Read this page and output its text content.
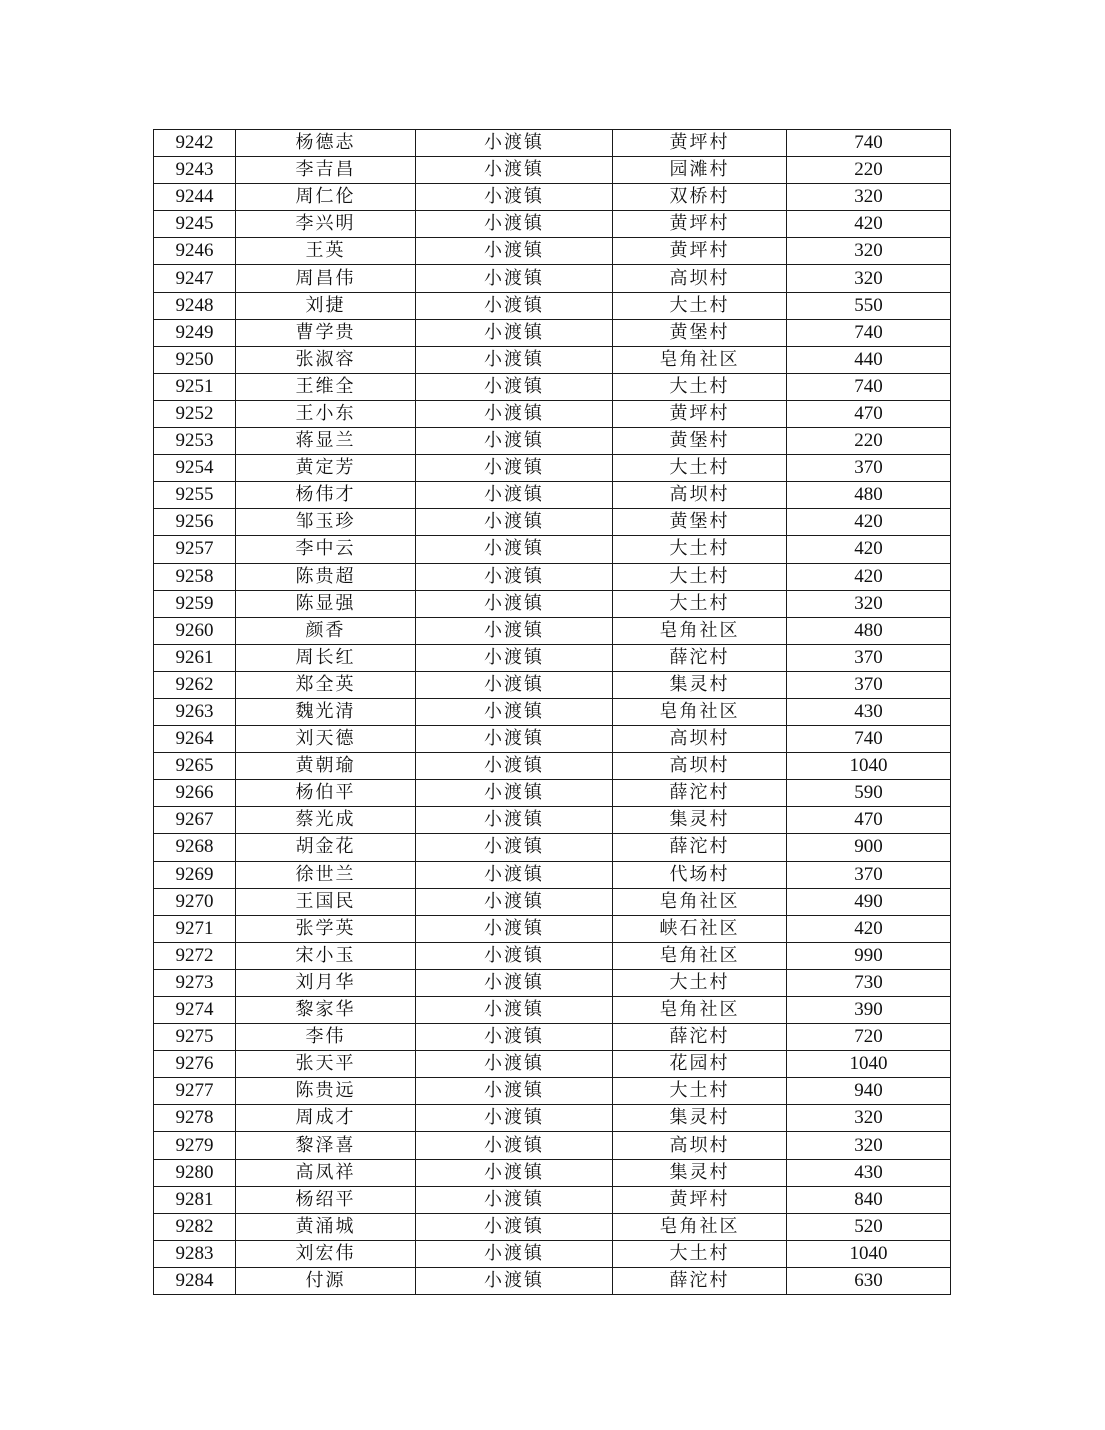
9242	杨德志	小渡镇	黄坪村	740
9243	李吉昌	小渡镇	园滩村	220
9244	周仁伦	小渡镇	双桥村	320
9245	李兴明	小渡镇	黄坪村	420
9246	王英	小渡镇	黄坪村	320
9247	周昌伟	小渡镇	高坝村	320
9248	刘捷	小渡镇	大土村	550
9249	曹学贵	小渡镇	黄堡村	740
9250	张淑容	小渡镇	皂角社区	440
9251	王维全	小渡镇	大土村	740
9252	王小东	小渡镇	黄坪村	470
9253	蒋显兰	小渡镇	黄堡村	220
9254	黄定芳	小渡镇	大土村	370
9255	杨伟才	小渡镇	高坝村	480
9256	邹玉珍	小渡镇	黄堡村	420
9257	李中云	小渡镇	大土村	420
9258	陈贵超	小渡镇	大土村	420
9259	陈显强	小渡镇	大土村	320
9260	颜香	小渡镇	皂角社区	480
9261	周长红	小渡镇	薛沱村	370
9262	郑全英	小渡镇	集灵村	370
9263	魏光清	小渡镇	皂角社区	430
9264	刘天德	小渡镇	高坝村	740
9265	黄朝瑜	小渡镇	高坝村	1040
9266	杨伯平	小渡镇	薛沱村	590
9267	蔡光成	小渡镇	集灵村	470
9268	胡金花	小渡镇	薛沱村	900
9269	徐世兰	小渡镇	代场村	370
9270	王国民	小渡镇	皂角社区	490
9271	张学英	小渡镇	峡石社区	420
9272	宋小玉	小渡镇	皂角社区	990
9273	刘月华	小渡镇	大土村	730
9274	黎家华	小渡镇	皂角社区	390
9275	李伟	小渡镇	薛沱村	720
9276	张天平	小渡镇	花园村	1040
9277	陈贵远	小渡镇	大土村	940
9278	周成才	小渡镇	集灵村	320
9279	黎泽喜	小渡镇	高坝村	320
9280	高凤祥	小渡镇	集灵村	430
9281	杨绍平	小渡镇	黄坪村	840
9282	黄涌城	小渡镇	皂角社区	520
9283	刘宏伟	小渡镇	大土村	1040
9284	付源	小渡镇	薛沱村	630
